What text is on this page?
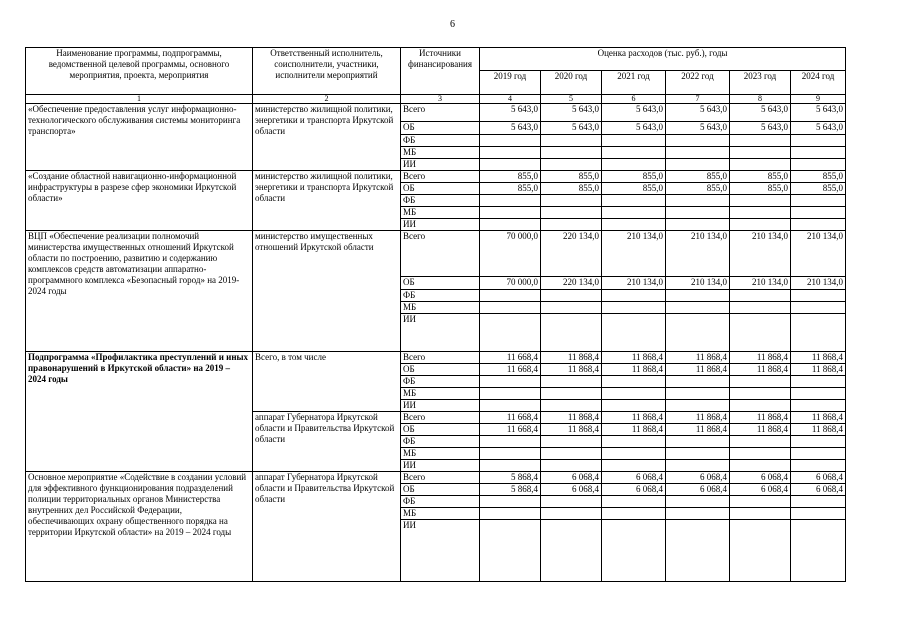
6
Наименование программы, подпрограммы, ведомственной целевой программы, основного мероприятия, проекта, мероприятия	Ответственный исполнитель, соисполнители, участники, исполнители мероприятий	Источники финансирования	Оценка расходов (тыс. руб.), годы					
			2019 год	2020 год	2021 год	2022 год	2023 год	2024 год
1	2	3	4	5	6	7	8	9
«Обеспечение предоставления услуг информационно-технологического обслуживания системы мониторинга транспорта»	министерство жилищной политики, энергетики и транспорта Иркутской области	Всего	5 643,0	5 643,0	5 643,0	5 643,0	5 643,0	5 643,0
		ОБ	5 643,0	5 643,0	5 643,0	5 643,0	5 643,0	5 643,0
		ФБ						
		МБ						
		ИИ						
«Создание областной навигационно-информационной инфраструктуры в разрезе сфер экономики Иркутской области»	министерство жилищной политики, энергетики и транспорта Иркутской области	Всего	855,0	855,0	855,0	855,0	855,0	855,0
		ОБ	855,0	855,0	855,0	855,0	855,0	855,0
		ФБ						
		МБ						
		ИИ						
ВЦП «Обеспечение реализации полномочий министерства имущественных отношений Иркутской области по построению, развитию и содержанию комплексов средств автоматизации аппаратно-программного комплекса «Безопасный город» на 2019-2024 годы	министерство имущественных отношений Иркутской области	Всего	70 000,0	220 134,0	210 134,0	210 134,0	210 134,0	210 134,0
		ОБ	70 000,0	220 134,0	210 134,0	210 134,0	210 134,0	210 134,0
		ФБ						
		МБ						
		ИИ						
Подпрограмма «Профилактика преступлений и иных правонарушений в Иркутской области» на 2019 – 2024 годы	Всего, в том числе	Всего	11 668,4	11 868,4	11 868,4	11 868,4	11 868,4	11 868,4
		ОБ	11 668,4	11 868,4	11 868,4	11 868,4	11 868,4	11 868,4
		ФБ						
		МБ						
		ИИ						
	аппарат Губернатора Иркутской области и Правительства Иркутской области	Всего	11 668,4	11 868,4	11 868,4	11 868,4	11 868,4	11 868,4
		ОБ	11 668,4	11 868,4	11 868,4	11 868,4	11 868,4	11 868,4
		ФБ						
		МБ						
		ИИ						
Основное мероприятие «Содействие в создании условий для эффективного функционирования подразделений полиции территориальных органов Министерства внутренних дел Российской Федерации, обеспечивающих охрану общественного порядка на территории Иркутской области» на 2019 – 2024 годы	аппарат Губернатора Иркутской области и Правительства Иркутской области	Всего	5 868,4	6 068,4	6 068,4	6 068,4	6 068,4	6 068,4
		ОБ	5 868,4	6 068,4	6 068,4	6 068,4	6 068,4	6 068,4
		ФБ						
		МБ						
		ИИ						
